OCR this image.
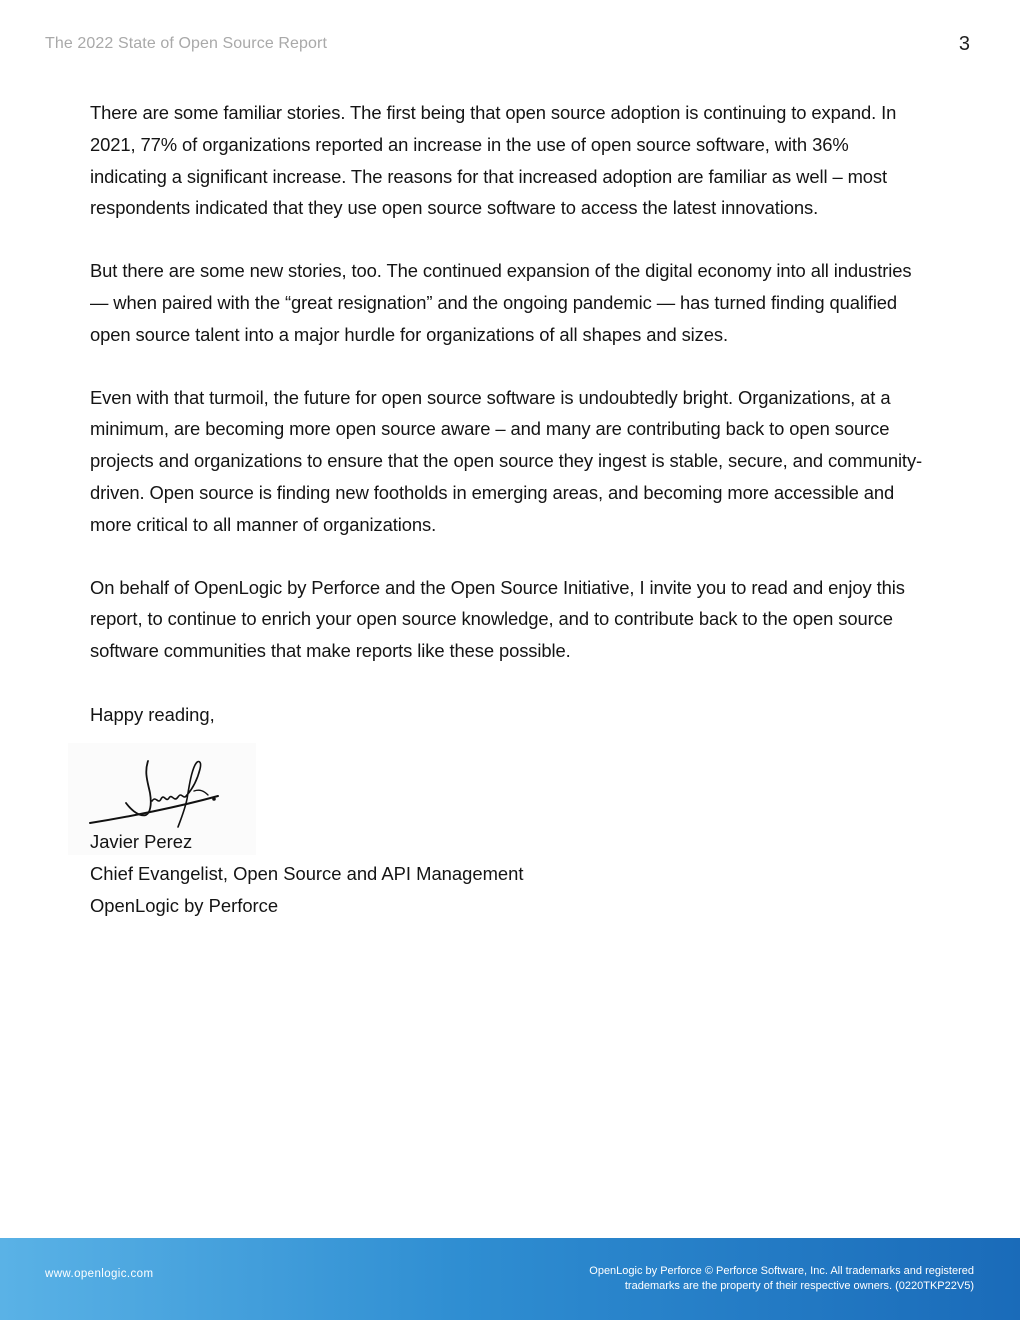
The 2022 State of Open Source Report	3

There are some familiar stories. The first being that open source adoption is continuing to expand. In 2021, 77% of organizations reported an increase in the use of open source software, with 36% indicating a significant increase. The reasons for that increased adoption are familiar as well – most respondents indicated that they use open source software to access the latest innovations.

But there are some new stories, too. The continued expansion of the digital economy into all industries — when paired with the “great resignation” and the ongoing pandemic — has turned finding qualified open source talent into a major hurdle for organizations of all shapes and sizes.

Even with that turmoil, the future for open source software is undoubtedly bright. Organizations, at a minimum, are becoming more open source aware – and many are contributing back to open source projects and organizations to ensure that the open source they ingest is stable, secure, and community-driven. Open source is finding new footholds in emerging areas, and becoming more accessible and more critical to all manner of organizations.

On behalf of OpenLogic by Perforce and the Open Source Initiative, I invite you to read and enjoy this report, to continue to enrich your open source knowledge, and to contribute back to the open source software communities that make reports like these possible.

Happy reading,
Javier Perez
Chief Evangelist, Open Source and API Management
OpenLogic by Perforce
www.openlogic.com	OpenLogic by Perforce © Perforce Software, Inc. All trademarks and registered
trademarks are the property of their respective owners. (0220TKP22V5)
